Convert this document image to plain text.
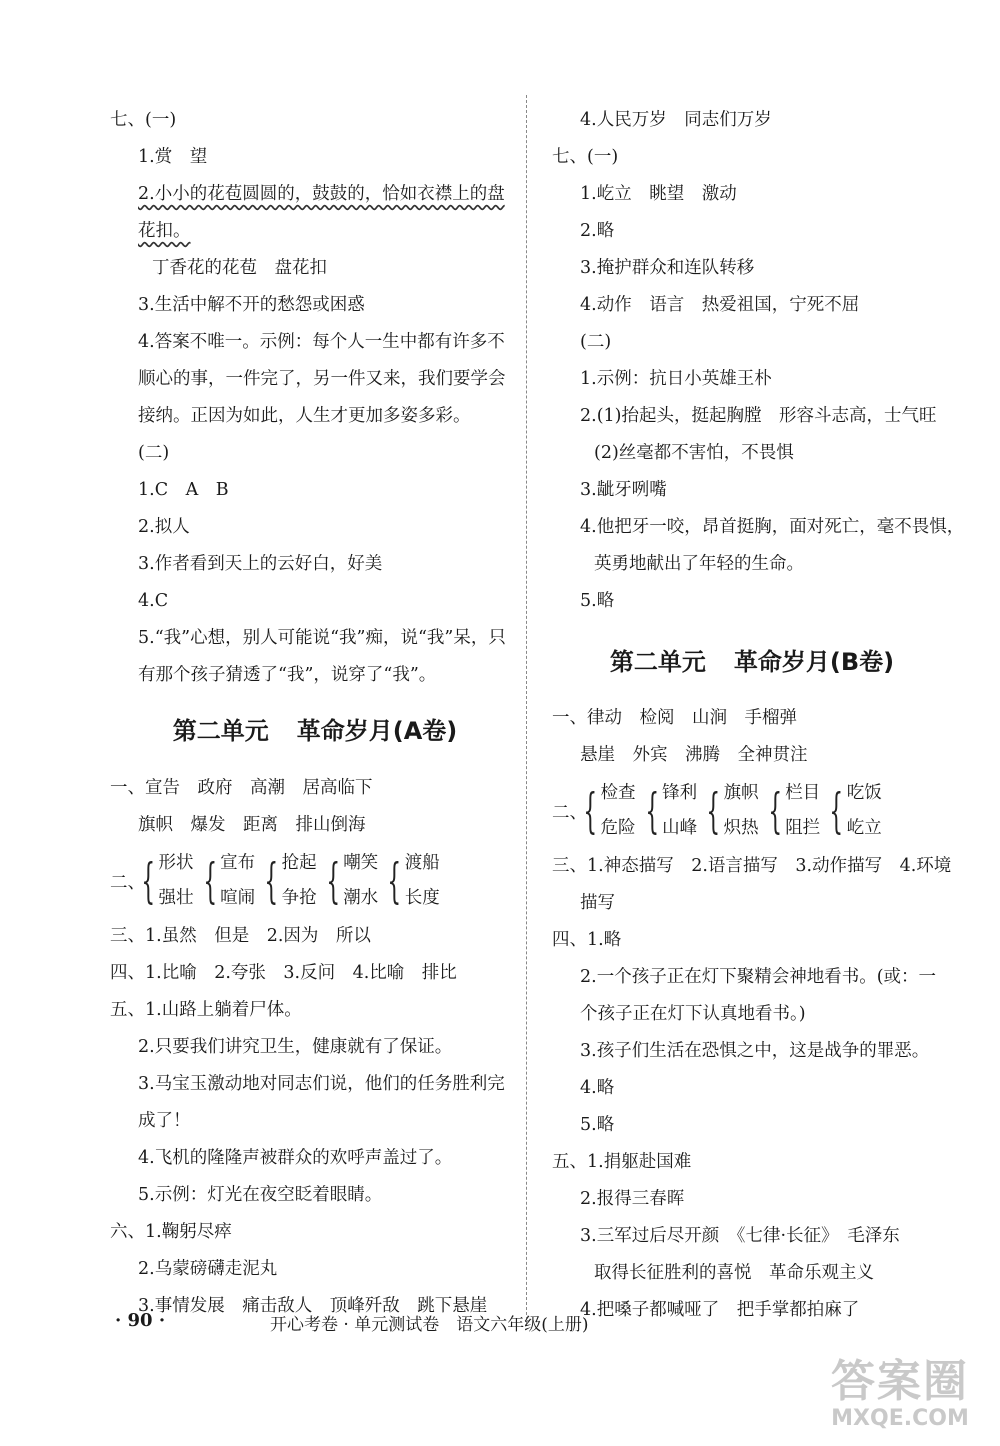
七、(一)
1.赏　望
2.小小的花苞圆圆的，鼓鼓的，恰如衣襟上的盘
花扣。
丁香花的花苞　盘花扣
3.生活中解不开的愁怨或困惑
4.答案不唯一。示例：每个人一生中都有许多不
顺心的事，一件完了，另一件又来，我们要学会
接纳。正因为如此，人生才更加多姿多彩。
(二)
1.C　A　B
2.拟人
3.作者看到天上的云好白，好美
4.C
5.“我”心想，别人可能说“我”痴，说“我”呆，只
有那个孩子猜透了“我”，说穿了“我”。
第二单元 革命岁月(A卷)
一、宣告　政府　高潮　居高临下
旗帜　爆发　距离　排山倒海
二、
{ 形状
强壮 { 宣布
喧闹 { 抢起
争抢 { 嘲笑
潮水 { 渡船
长度
三、1.虽然　但是　2.因为　所以
四、1.比喻　2.夸张　3.反问　4.比喻　排比
五、1.山路上躺着尸体。
2.只要我们讲究卫生，健康就有了保证。
3.马宝玉激动地对同志们说，他们的任务胜利完
成了！
4.飞机的隆隆声被群众的欢呼声盖过了。
5.示例：灯光在夜空眨着眼睛。
六、1.鞠躬尽瘁
2.乌蒙磅礴走泥丸
3.事情发展　痛击敌人　顶峰歼敌　跳下悬崖
4.人民万岁　同志们万岁
七、(一)
1.屹立　眺望　激动
2.略
3.掩护群众和连队转移
4.动作　语言　热爱祖国，宁死不屈
(二)
1.示例：抗日小英雄王朴
2.(1)抬起头，挺起胸膛　形容斗志高，士气旺
(2)丝毫都不害怕，不畏惧
3.龇牙咧嘴
4.他把牙一咬，昂首挺胸，面对死亡，毫不畏惧，
英勇地献出了年轻的生命。
5.略
第二单元 革命岁月(B卷)
一、律动　检阅　山涧　手榴弹
悬崖　外宾　沸腾　全神贯注
二、
{ 检查
危险 { 锋利
山峰 { 旗帜
炽热 { 栏目
阻拦 { 吃饭
屹立
三、1.神态描写　2.语言描写　3.动作描写　4.环境
描写
四、1.略
2.一个孩子正在灯下聚精会神地看书。(或：一
个孩子正在灯下认真地看书。)
3.孩子们生活在恐惧之中，这是战争的罪恶。
4.略
5.略
五、1.捐躯赴国难
2.报得三春晖
3.三军过后尽开颜　《七律·长征》　毛泽东
取得长征胜利的喜悦　革命乐观主义
4.把嗓子都喊哑了　把手掌都拍麻了
· 90 ·	开心考卷 · 单元测试卷　语文六年级(上册)
答案圈
MXQE.COM
